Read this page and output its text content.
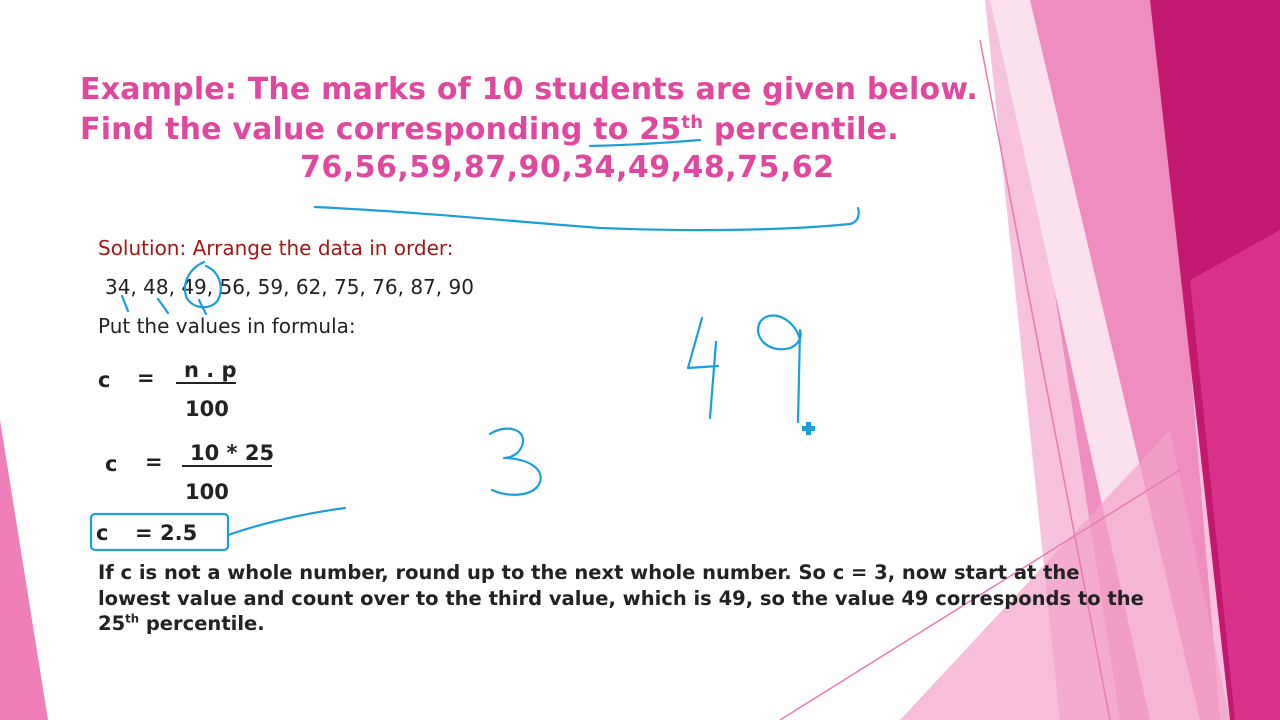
Example: The marks of 10 students are given below.
Find the value corresponding to 25th percentile.
76,56,59,87,90,34,49,48,75,62
Solution: Arrange the data in order:
34, 48, 49, 56, 59, 62, 75, 76, 87, 90
Put the values in formula:
c = n . p
100
c = 10 * 25
100
c = 2.5
If c is not a whole number, round up to the next whole number. So c = 3, now start at the
lowest value and count over to the third value, which is 49, so the value 49 corresponds to the
25th percentile.
